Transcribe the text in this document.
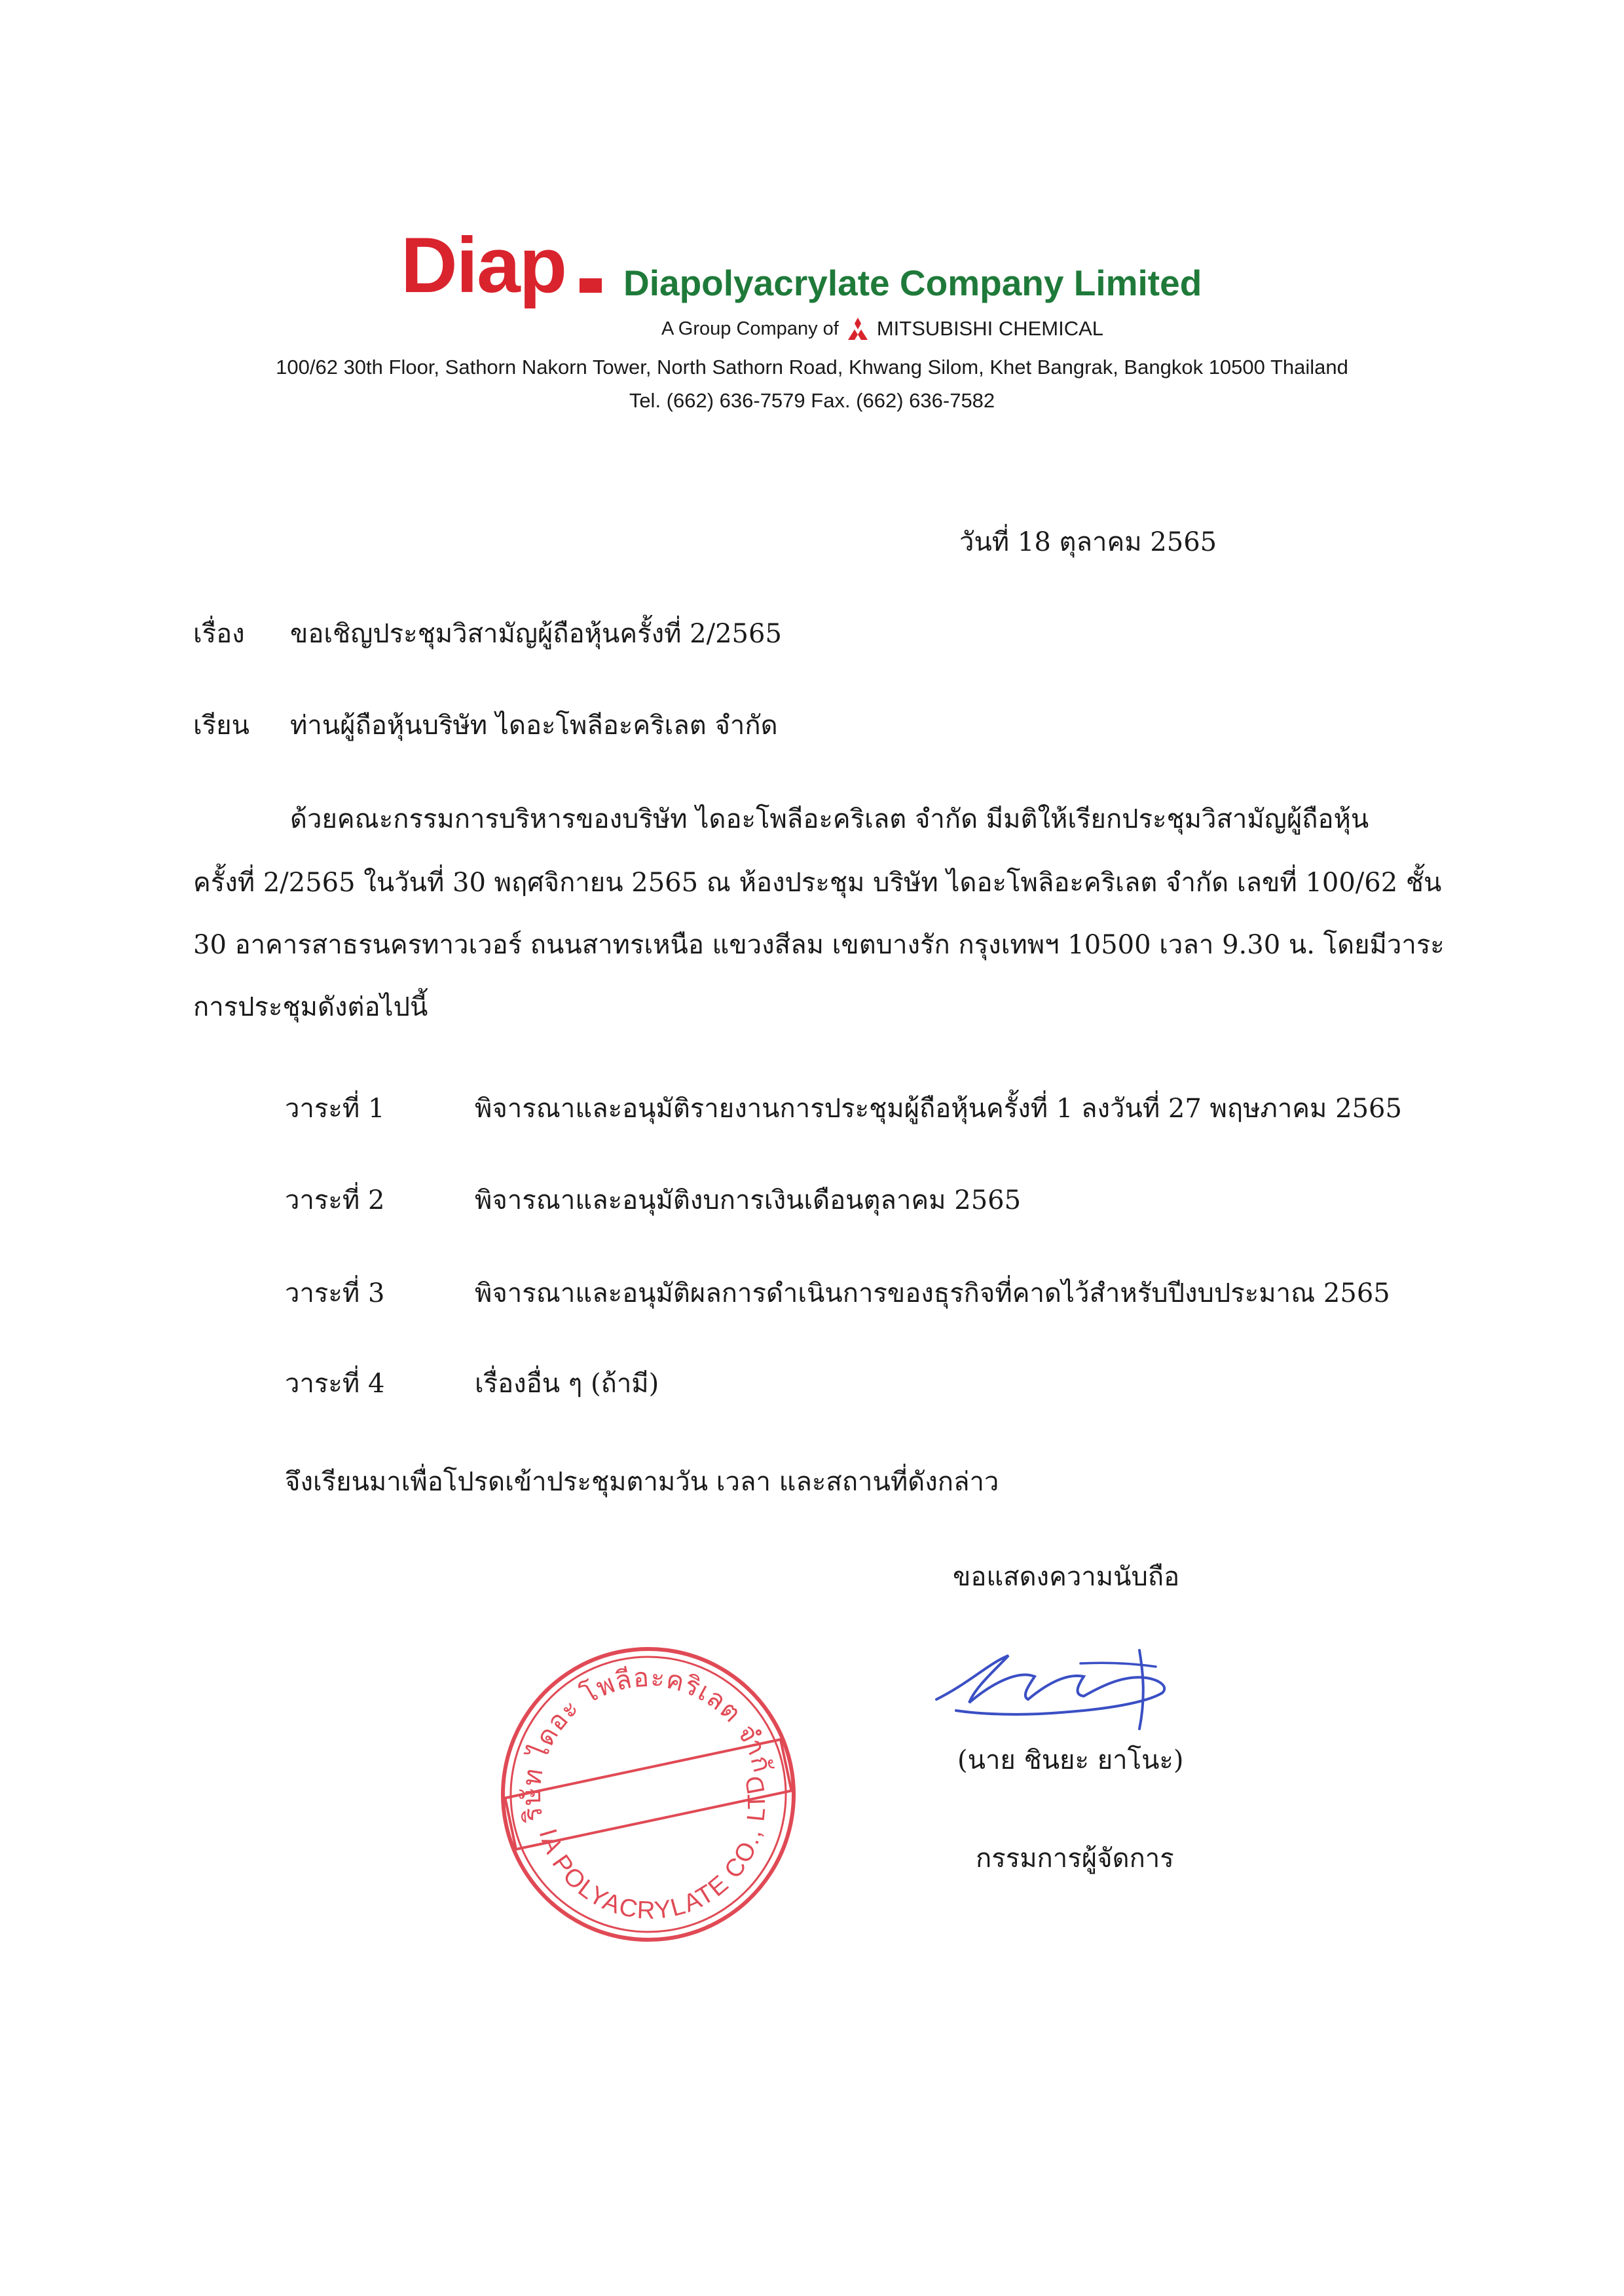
Diap Diapolyacrylate Company Limited
A Group Company of MITSUBISHI CHEMICAL
100/62 30th Floor, Sathorn Nakorn Tower, North Sathorn Road, Khwang Silom, Khet Bangrak, Bangkok 10500 Thailand
Tel. (662) 636-7579 Fax. (662) 636-7582
วันที่ 18 ตุลาคม 2565
เรื่อง ขอเชิญประชุมวิสามัญผู้ถือหุ้นครั้งที่ 2/2565
เรียน ท่านผู้ถือหุ้นบริษัท ไดอะโพลีอะคริเลต จำกัด
ด้วยคณะกรรมการบริหารของบริษัท ไดอะโพลีอะคริเลต จำกัด มีมติให้เรียกประชุมวิสามัญผู้ถือหุ้น
ครั้งที่ 2/2565 ในวันที่ 30 พฤศจิกายน 2565 ณ ห้องประชุม บริษัท ไดอะโพลิอะคริเลต จำกัด เลขที่ 100/62 ชั้น
30 อาคารสาธรนครทาวเวอร์ ถนนสาทรเหนือ แขวงสีลม เขตบางรัก กรุงเทพฯ 10500 เวลา 9.30 น. โดยมีวาระ
การประชุมดังต่อไปนี้
วาระที่ 1	พิจารณาและอนุมัติรายงานการประชุมผู้ถือหุ้นครั้งที่ 1 ลงวันที่ 27 พฤษภาคม 2565
วาระที่ 2	พิจารณาและอนุมัติงบการเงินเดือนตุลาคม 2565
วาระที่ 3	พิจารณาและอนุมัติผลการดำเนินการของธุรกิจที่คาดไว้สำหรับปีงบประมาณ 2565
วาระที่ 4	เรื่องอื่น ๆ (ถ้ามี)
จึงเรียนมาเพื่อโปรดเข้าประชุมตามวัน เวลา และสถานที่ดังกล่าว
ขอแสดงความนับถือ
(นาย ชินยะ ยาโนะ)
กรรมการผู้จัดการ
บริษัท ไดอะ โพลีอะคริเลต จำกัด
DIA POLYACRYLATE CO., LTD.
